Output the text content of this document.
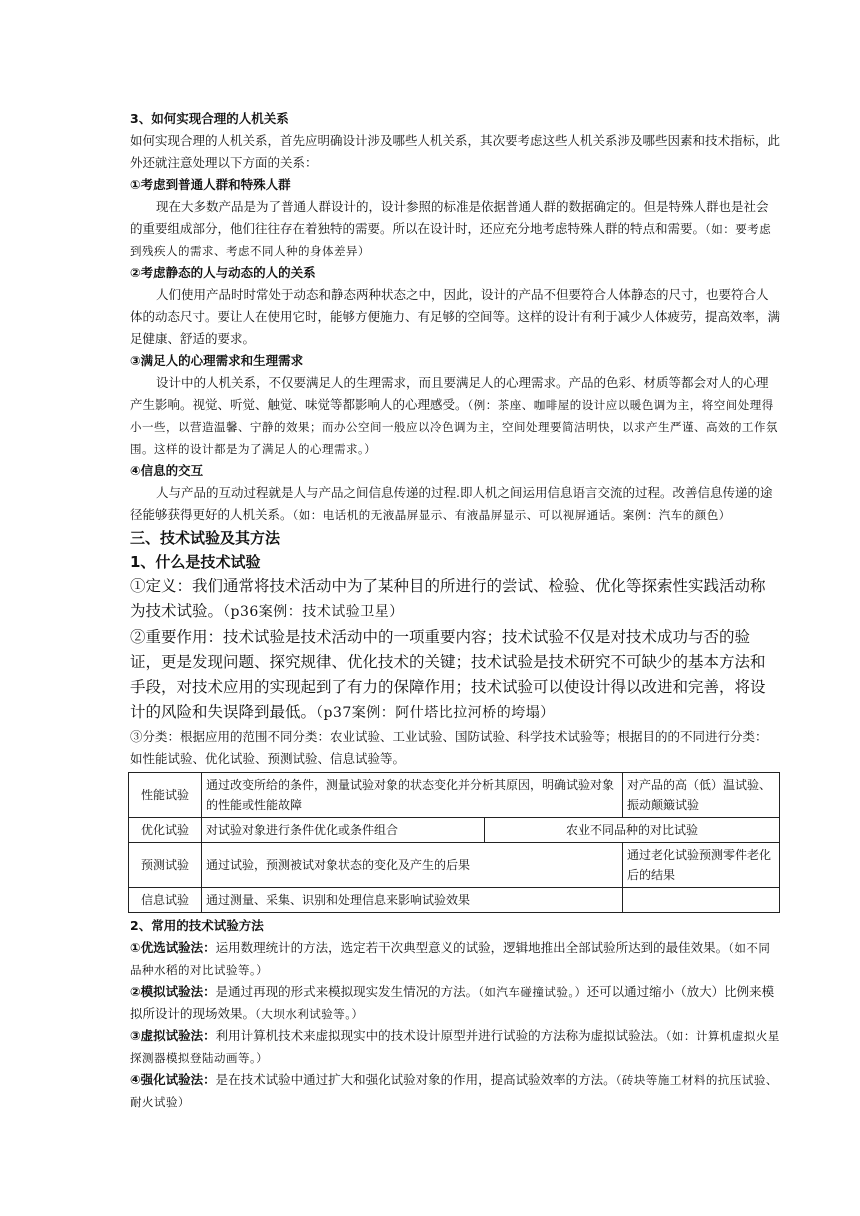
3、如何实现合理的人机关系

如何实现合理的人机关系，首先应明确设计涉及哪些人机关系，其次要考虑这些人机关系涉及哪些因素和技术指标，此外还就注意处理以下方面的关系：

①考虑到普通人群和特殊人群

现在大多数产品是为了普通人群设计的，设计参照的标准是依据普通人群的数据确定的。但是特殊人群也是社会的重要组成部分，他们往往存在着独特的需要。所以在设计时，还应充分地考虑特殊人群的特点和需要。（如：要考虑到残疾人的需求、考虑不同人种的身体差异）

②考虑静态的人与动态的人的关系

人们使用产品时时常处于动态和静态两种状态之中，因此，设计的产品不但要符合人体静态的尺寸，也要符合人体的动态尺寸。要让人在使用它时，能够方便施力、有足够的空间等。这样的设计有利于减少人体疲劳，提高效率，满足健康、舒适的要求。

③满足人的心理需求和生理需求

设计中的人机关系，不仅要满足人的生理需求，而且要满足人的心理需求。产品的色彩、材质等都会对人的心理产生影响。视觉、听觉、触觉、味觉等都影响人的心理感受。（例：茶座、咖啡屋的设计应以暖色调为主，将空间处理得小一些，以营造温馨、宁静的效果；而办公空间一般应以冷色调为主，空间处理要简洁明快，以求产生严谨、高效的工作氛围。这样的设计都是为了满足人的心理需求。）

④信息的交互

人与产品的互动过程就是人与产品之间信息传递的过程.即人机之间运用信息语言交流的过程。改善信息传递的途径能够获得更好的人机关系。（如：电话机的无液晶屏显示、有液晶屏显示、可以视屏通话。案例：汽车的颜色）

三、技术试验及其方法

1、什么是技术试验

①定义：我们通常将技术活动中为了某种目的所进行的尝试、检验、优化等探索性实践活动称为技术试验。（p36案例：技术试验卫星）

②重要作用：技术试验是技术活动中的一项重要内容；技术试验不仅是对技术成功与否的验证，更是发现问题、探究规律、优化技术的关键；技术试验是技术研究不可缺少的基本方法和手段，对技术应用的实现起到了有力的保障作用；技术试验可以使设计得以改进和完善，将设计的风险和失误降到最低。（p37案例：阿什塔比拉河桥的垮塌）

③分类：根据应用的范围不同分类：农业试验、工业试验、国防试验、科学技术试验等；根据目的的不同进行分类：如性能试验、优化试验、预测试验、信息试验等。

性能试验	通过改变所给的条件，测量试验对象的状态变化并分析其原因，明确试验对象的性能或性能故障		对产品的高（低）温试验、振动颠簸试验
优化试验	对试验对象进行条件优化或条件组合	农业不同品种的对比试验	
预测试验	通过试验，预测被试对象状态的变化及产生的后果		通过老化试验预测零件老化后的结果
信息试验	通过测量、采集、识别和处理信息来影响试验效果		

2、常用的技术试验方法

①优选试验法：运用数理统计的方法，选定若干次典型意义的试验，逻辑地推出全部试验所达到的最佳效果。（如不同品种水稻的对比试验等。）

②模拟试验法：是通过再现的形式来模拟现实发生情况的方法。（如汽车碰撞试验。）还可以通过缩小（放大）比例来模拟所设计的现场效果。（大坝水利试验等。）

③虚拟试验法：利用计算机技术来虚拟现实中的技术设计原型并进行试验的方法称为虚拟试验法。（如：计算机虚拟火星探测器模拟登陆动画等。）

④强化试验法：是在技术试验中通过扩大和强化试验对象的作用，提高试验效率的方法。（砖块等施工材料的抗压试验、耐火试验）
